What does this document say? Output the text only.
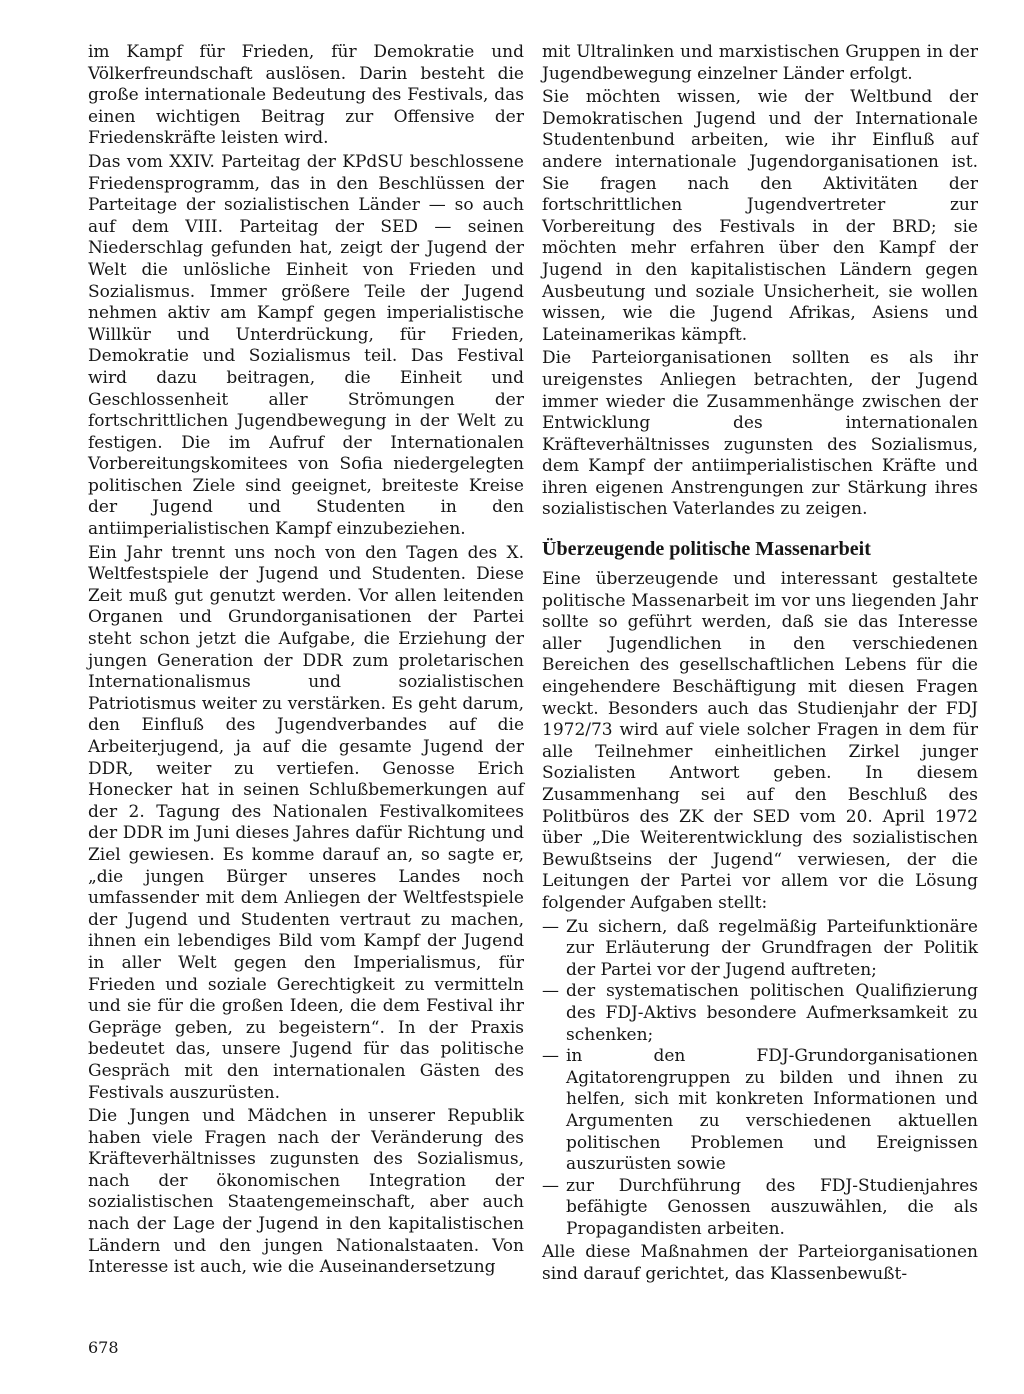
im Kampf für Frieden, für Demokratie und Völkerfreundschaft auslösen. Darin besteht die große internationale Bedeutung des Festivals, das einen wichtigen Beitrag zur Offensive der Friedenskräfte leisten wird.

Das vom XXIV. Parteitag der KPdSU beschlossene Friedensprogramm, das in den Beschlüssen der Parteitage der sozialistischen Länder — so auch auf dem VIII. Parteitag der SED — seinen Niederschlag gefunden hat, zeigt der Jugend der Welt die unlösliche Einheit von Frieden und Sozialismus. Immer größere Teile der Jugend nehmen aktiv am Kampf gegen imperialistische Willkür und Unterdrückung, für Frieden, Demokratie und Sozialismus teil. Das Festival wird dazu beitragen, die Einheit und Geschlossenheit aller Strömungen der fortschrittlichen Jugendbewegung in der Welt zu festigen. Die im Aufruf der Internationalen Vorbereitungskomitees von Sofia niedergelegten politischen Ziele sind geeignet, breiteste Kreise der Jugend und Studenten in den antiimperialistischen Kampf einzubeziehen.

Ein Jahr trennt uns noch von den Tagen des X. Weltfestspiele der Jugend und Studenten. Diese Zeit muß gut genutzt werden. Vor allen leitenden Organen und Grundorganisationen der Partei steht schon jetzt die Aufgabe, die Erziehung der jungen Generation der DDR zum proletarischen Internationalismus und sozialistischen Patriotismus weiter zu verstärken. Es geht darum, den Einfluß des Jugendverbandes auf die Arbeiterjugend, ja auf die gesamte Jugend der DDR, weiter zu vertiefen. Genosse Erich Honecker hat in seinen Schlußbemerkungen auf der 2. Tagung des Nationalen Festivalkomitees der DDR im Juni dieses Jahres dafür Richtung und Ziel gewiesen. Es komme darauf an, so sagte er, „die jungen Bürger unseres Landes noch umfassender mit dem Anliegen der Weltfestspiele der Jugend und Studenten vertraut zu machen, ihnen ein lebendiges Bild vom Kampf der Jugend in aller Welt gegen den Imperialismus, für Frieden und soziale Gerechtigkeit zu vermitteln und sie für die großen Ideen, die dem Festival ihr Gepräge geben, zu begeistern“. In der Praxis bedeutet das, unsere Jugend für das politische Gespräch mit den internationalen Gästen des Festivals auszurüsten.

Die Jungen und Mädchen in unserer Republik haben viele Fragen nach der Veränderung des Kräfteverhältnisses zugunsten des Sozialismus, nach der ökonomischen Integration der sozialistischen Staatengemeinschaft, aber auch nach der Lage der Jugend in den kapitalistischen Ländern und den jungen Nationalstaaten. Von Interesse ist auch, wie die Auseinandersetzung

mit Ultralinken und marxistischen Gruppen in der Jugendbewegung einzelner Länder erfolgt.

Sie möchten wissen, wie der Weltbund der Demokratischen Jugend und der Internationale Studentenbund arbeiten, wie ihr Einfluß auf andere internationale Jugendorganisationen ist. Sie fragen nach den Aktivitäten der fortschrittlichen Jugendvertreter zur Vorbereitung des Festivals in der BRD; sie möchten mehr erfahren über den Kampf der Jugend in den kapitalistischen Ländern gegen Ausbeutung und soziale Unsicherheit, sie wollen wissen, wie die Jugend Afrikas, Asiens und Lateinamerikas kämpft.

Die Parteiorganisationen sollten es als ihr ureigenstes Anliegen betrachten, der Jugend immer wieder die Zusammenhänge zwischen der Entwicklung des internationalen Kräfteverhältnisses zugunsten des Sozialismus, dem Kampf der antiimperialistischen Kräfte und ihren eigenen Anstrengungen zur Stärkung ihres sozialistischen Vaterlandes zu zeigen.

Überzeugende politische Massenarbeit

Eine überzeugende und interessant gestaltete politische Massenarbeit im vor uns liegenden Jahr sollte so geführt werden, daß sie das Interesse aller Jugendlichen in den verschiedenen Bereichen des gesellschaftlichen Lebens für die eingehendere Beschäftigung mit diesen Fragen weckt. Besonders auch das Studienjahr der FDJ 1972/73 wird auf viele solcher Fragen in dem für alle Teilnehmer einheitlichen Zirkel junger Sozialisten Antwort geben. In diesem Zusammenhang sei auf den Beschluß des Politbüros des ZK der SED vom 20. April 1972 über „Die Weiterentwicklung des sozialistischen Bewußtseins der Jugend“ verwiesen, der die Leitungen der Partei vor allem vor die Lösung folgender Aufgaben stellt:

— Zu sichern, daß regelmäßig Parteifunktionäre zur Erläuterung der Grundfragen der Politik der Partei vor der Jugend auftreten;
— der systematischen politischen Qualifizierung des FDJ-Aktivs besondere Aufmerksamkeit zu schenken;
— in den FDJ-Grundorganisationen Agitatorengruppen zu bilden und ihnen zu helfen, sich mit konkreten Informationen und Argumenten zu verschiedenen aktuellen politischen Problemen und Ereignissen auszurüsten sowie
— zur Durchführung des FDJ-Studienjahres befähigte Genossen auszuwählen, die als Propagandisten arbeiten.

Alle diese Maßnahmen der Parteiorganisationen sind darauf gerichtet, das Klassenbewußt-

678
